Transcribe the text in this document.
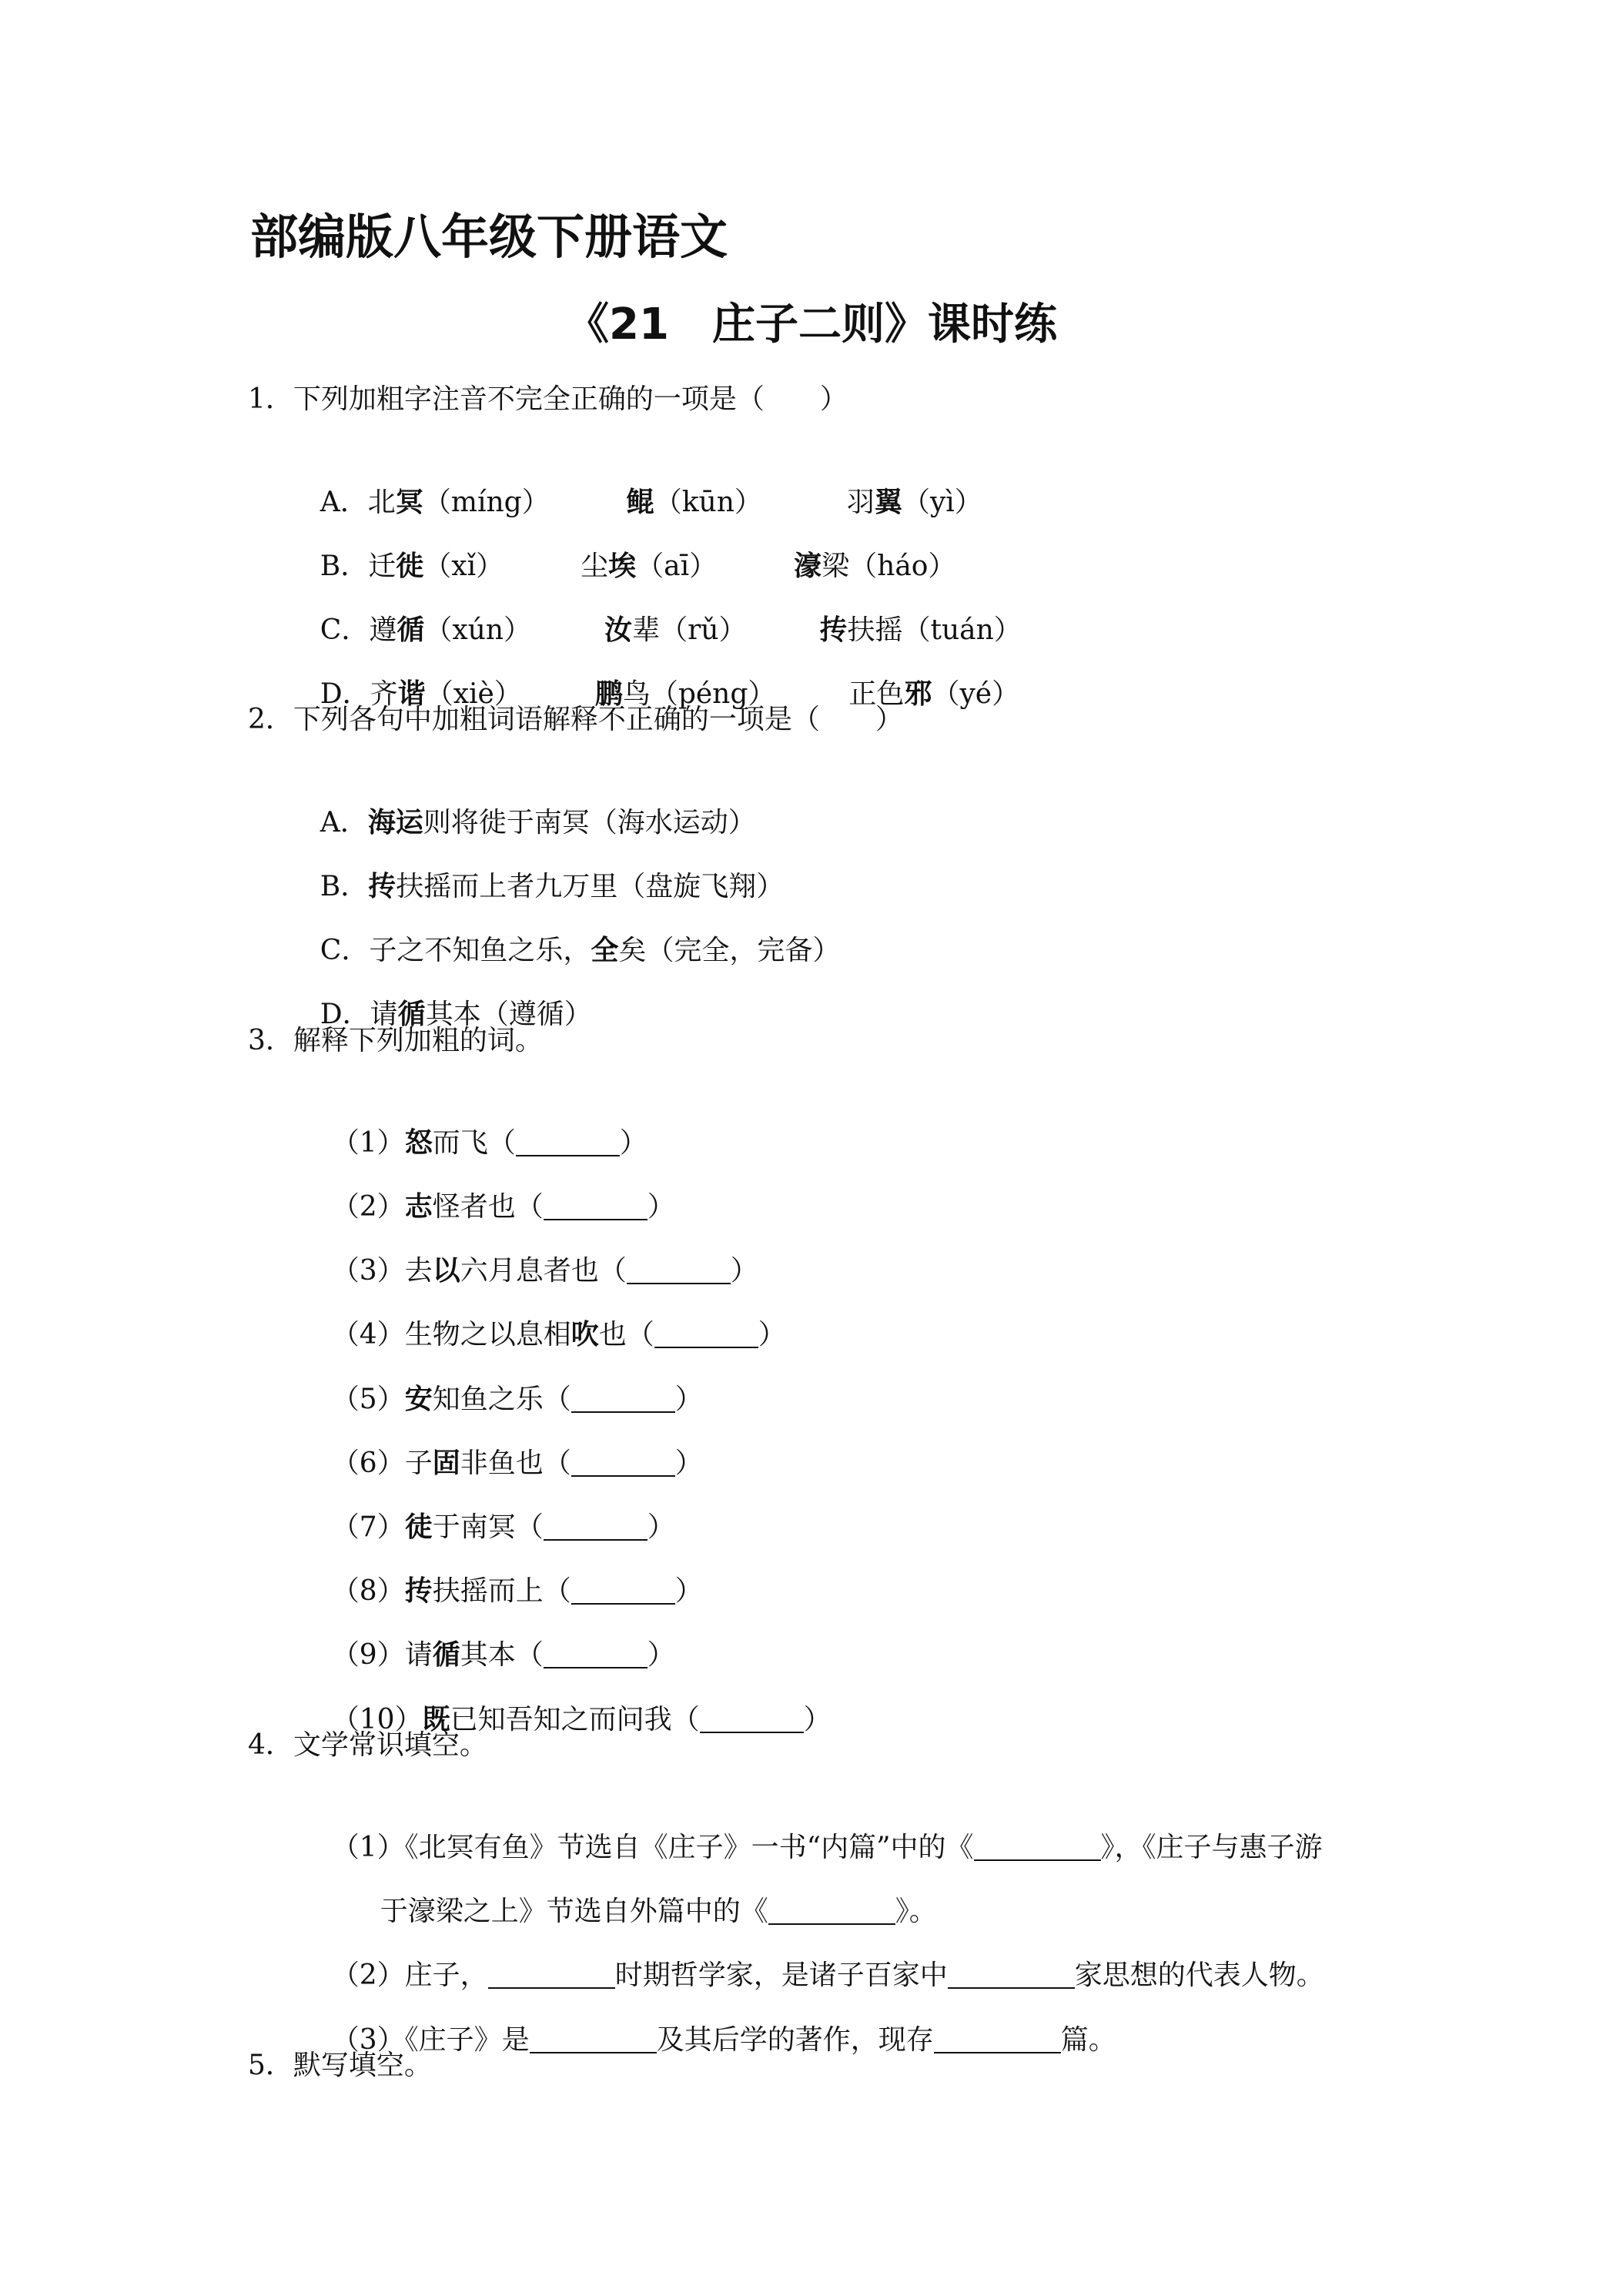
部编版八年级下册语文
《21　庄子二则》课时练
1．下列加粗字注音不完全正确的一项是（　　）

A．北冥（míng）	鲲（kūn）	羽翼（yì）

B．迁徙（xǐ）	尘埃（aī）	濠梁（háo）

C．遵循（xún）	汝辈（rǔ）	抟扶摇（tuán）

D．齐谐（xiè）	鹏鸟（péng）	正色邪（yé）

2．下列各句中加粗词语解释不正确的一项是（　　）

A．海运则将徙于南冥（海水运动）

B．抟扶摇而上者九万里（盘旋飞翔）

C．子之不知鱼之乐，全矣（完全，完备）

D．请循其本（遵循）

3．解释下列加粗的词。

（1）怒而飞（	）

（2）志怪者也（	）

（3）去以六月息者也（	）

（4）生物之以息相吹也（	）

（5）安知鱼之乐（	）

（6）子固非鱼也（	）

（7）徒于南冥（	）

（8）抟扶摇而上（	）

（9）请循其本（	）

（10）既已知吾知之而问我（	）

4．文学常识填空。

（1）《北冥有鱼》节选自《庄子》一书“内篇”中的《	》，《庄子与惠子游

于濠梁之上》节选自外篇中的《	》。

（2）庄子，	时期哲学家，是诸子百家中	家思想的代表人物。

（3）《庄子》是	及其后学的著作，现存	篇。

5．默写填空。
